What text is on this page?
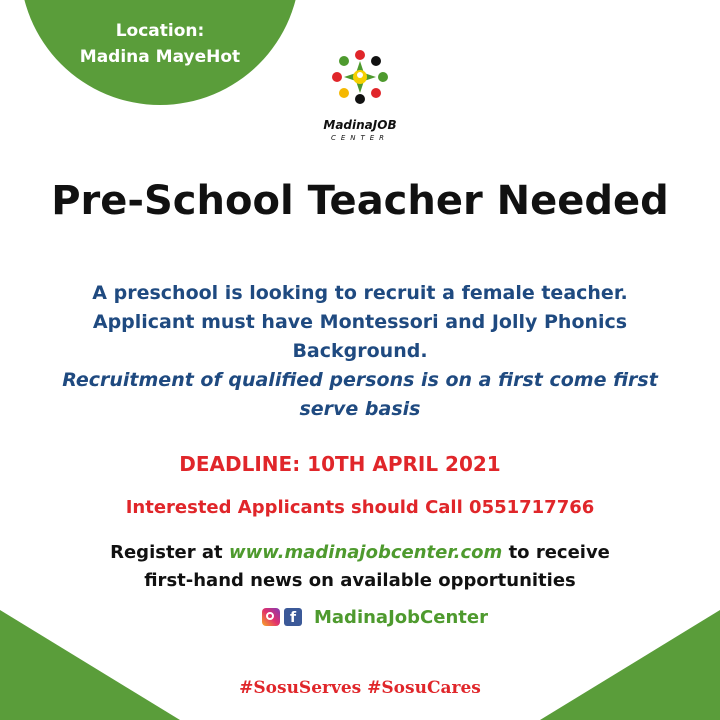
Location:
Madina MayeHot
MadinaJOB
CENTER
Pre-School Teacher Needed
A preschool is looking to recruit a female teacher.
Applicant must have Montessori and Jolly Phonics
Background.
Recruitment of qualified persons is on a first come first
serve basis
DEADLINE: 10TH APRIL 2021
Interested Applicants should Call 0551717766
Register at www.madinajobcenter.com to receive
first-hand news on available opportunities
f MadinaJobCenter
#SosuServes #SosuCares
